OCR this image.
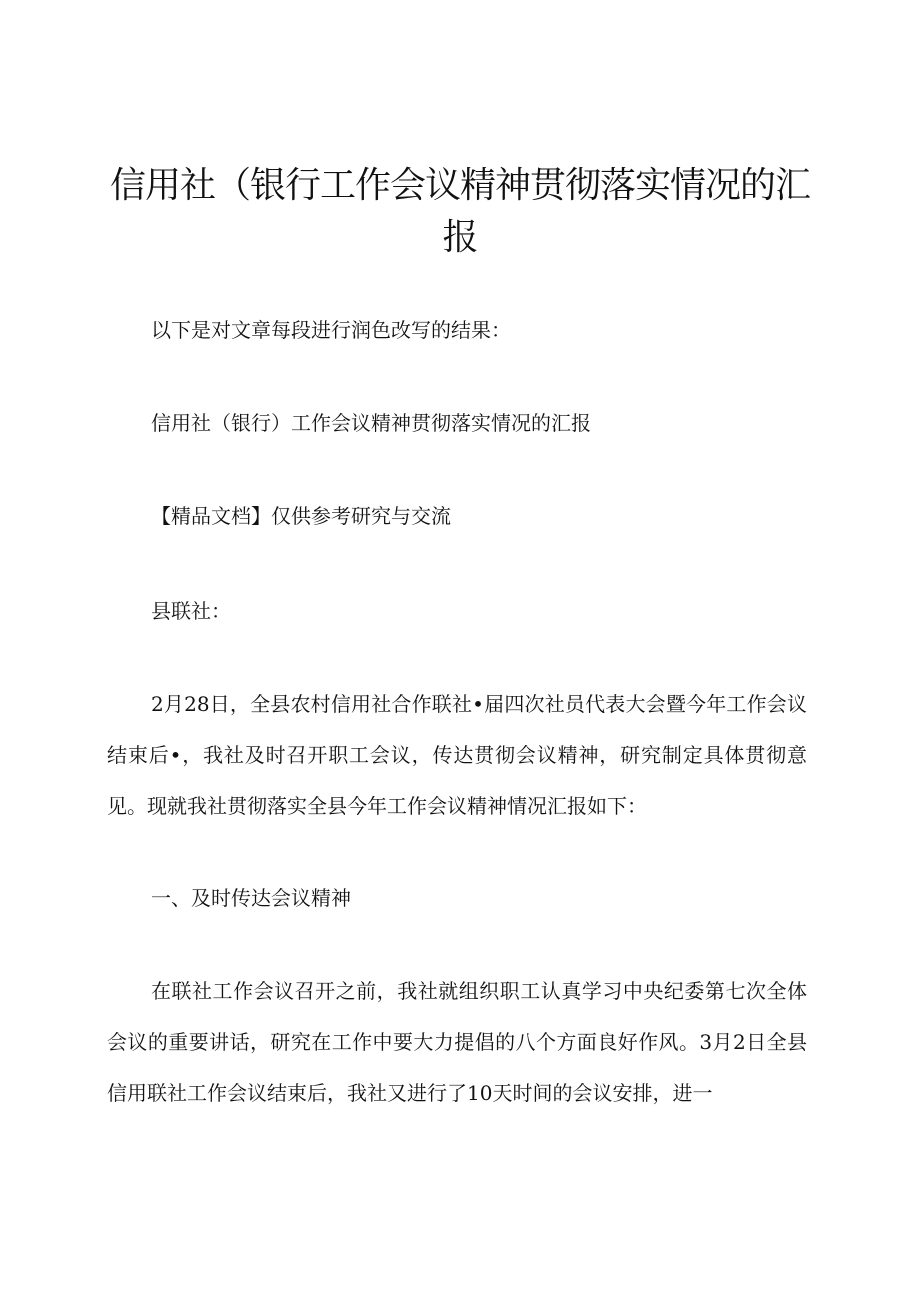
信用社（银行工作会议精神贯彻落实情况的汇报

以下是对文章每段进行润色改写的结果：

信用社（银行）工作会议精神贯彻落实情况的汇报

【精品文档】仅供参考研究与交流

县联社：

2月28日，全县农村信用社合作联社•届四次社员代表大会暨今年工作会议结束后•，我社及时召开职工会议，传达贯彻会议精神，研究制定具体贯彻意见。现就我社贯彻落实全县今年工作会议精神情况汇报如下：

一、及时传达会议精神

在联社工作会议召开之前，我社就组织职工认真学习中央纪委第七次全体会议的重要讲话，研究在工作中要大力提倡的八个方面良好作风。3月2日全县信用联社工作会议结束后，我社又进行了10天时间的会议安排，进一
